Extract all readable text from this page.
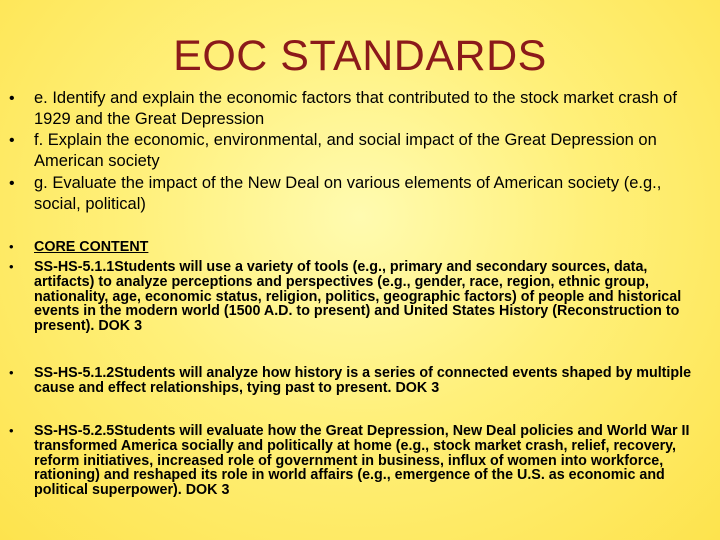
EOC STANDARDS
• e. Identify and explain the economic factors that contributed to the stock market crash of 1929 and the Great Depression
• f. Explain the economic, environmental, and social impact of the Great Depression on American society
• g. Evaluate the impact of the New Deal on various elements of American society (e.g., social, political)
• CORE CONTENT
• SS-HS-5.1.1Students will use a variety of tools (e.g., primary and secondary sources, data, artifacts) to analyze perceptions and perspectives (e.g., gender, race, region, ethnic group, nationality, age, economic status, religion, politics, geographic factors) of people and historical events in the modern world (1500 A.D. to present) and United States History (Reconstruction to present). DOK 3
• SS-HS-5.1.2Students will analyze how history is a series of connected events shaped by multiple cause and effect relationships, tying past to present. DOK 3
• SS-HS-5.2.5Students will evaluate how the Great Depression, New Deal policies and World War II transformed America socially and politically at home (e.g., stock market crash, relief, recovery, reform initiatives, increased role of government in business, influx of women into workforce, rationing) and reshaped its role in world affairs (e.g., emergence of the U.S. as economic and political superpower). DOK 3
